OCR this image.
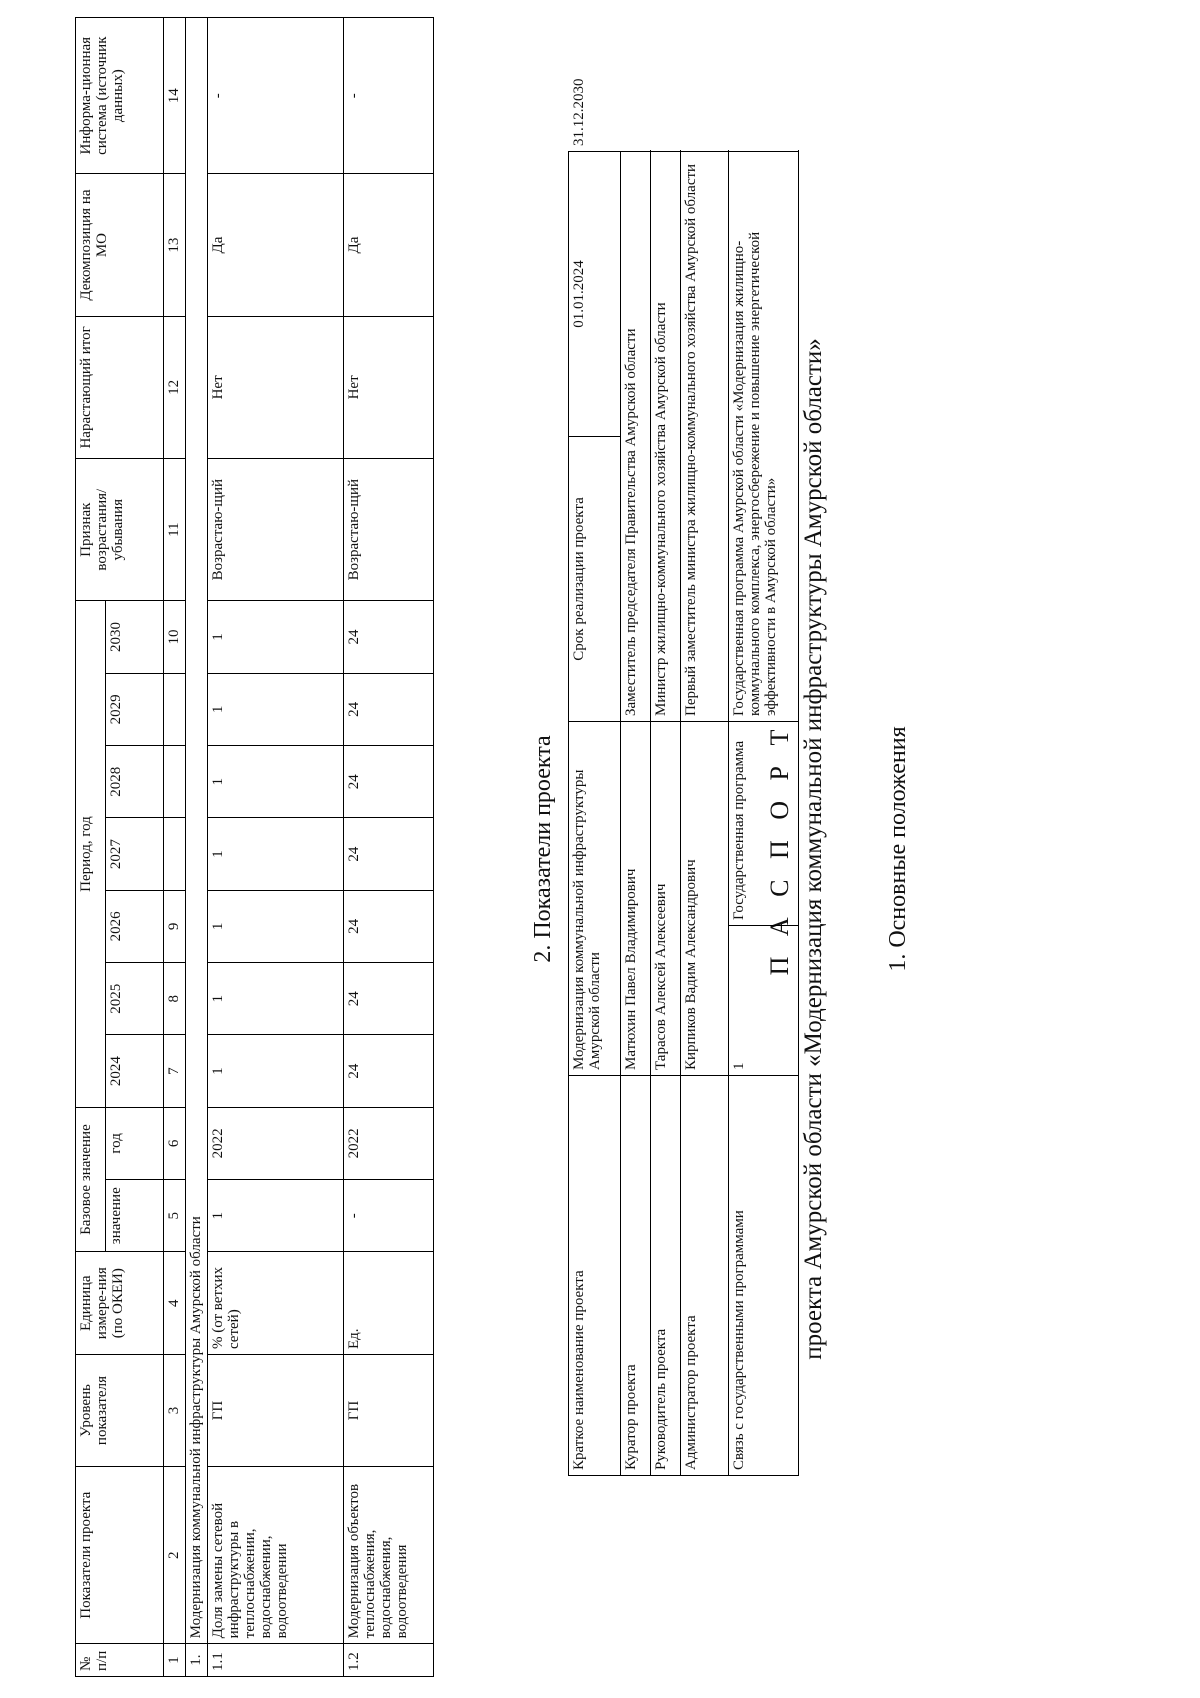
П А С П О Р Т проекта Амурской области «Модернизация коммунальной инфраструктуры Амурской области» 1. Основные положения
Краткое наименование проекта	Модернизация коммунальной инфраструктуры Амурской области		Срок реализации проекта	01.01.2024	31.12.2030
Куратор проекта	Матюхин Павел Владимирович		Заместитель председателя Правительства Амурской области		
Руководитель проекта	Тарасов Алексей Алексеевич		Министр жилищно-коммунального хозяйства Амурской области		
Администратор проекта	Кирпиков Вадим Александрович		Первый заместитель министра жилищно-коммунального хозяйства Амурской области		
Связь с государственными программами	1	Государственная программа	Государственная программа Амурской области «Модернизация жилищно-коммунального комплекса, энергосбережение и повышение энергетической эффективности в Амурской области»		
2. Показатели проекта
№ п/п	Показатели проекта	Уровень показателя	Единица измере-ния (по ОКЕИ)	Базовое значение		Период, год							Признак возрастания/убывания	Нарастающий итог	Декомпозиция на МО	Информа-ционная система (источник данных)
				значение	год	2024	2025	2026	2027	2028	2029	2030				
1	2	3	4	5	6	7	8	9				10	11	12	13	14
1.	Модернизация коммунальной инфраструктуры Амурской области															
1.1	Доля замены сетевой инфраструктуры в теплоснабжении, водоснабжении, водоотведении	ГП	% (от ветхих сетей)	1	2022	1	1	1	1	1	1	1	Возрастаю-щий	Нет	Да	-
1.2	Модернизация объектов теплоснабжения, водоснабжения, водоотведения	ГП	Ед.	-	2022	24	24	24	24	24	24	24	Возрастаю-щий	Нет	Да	-
